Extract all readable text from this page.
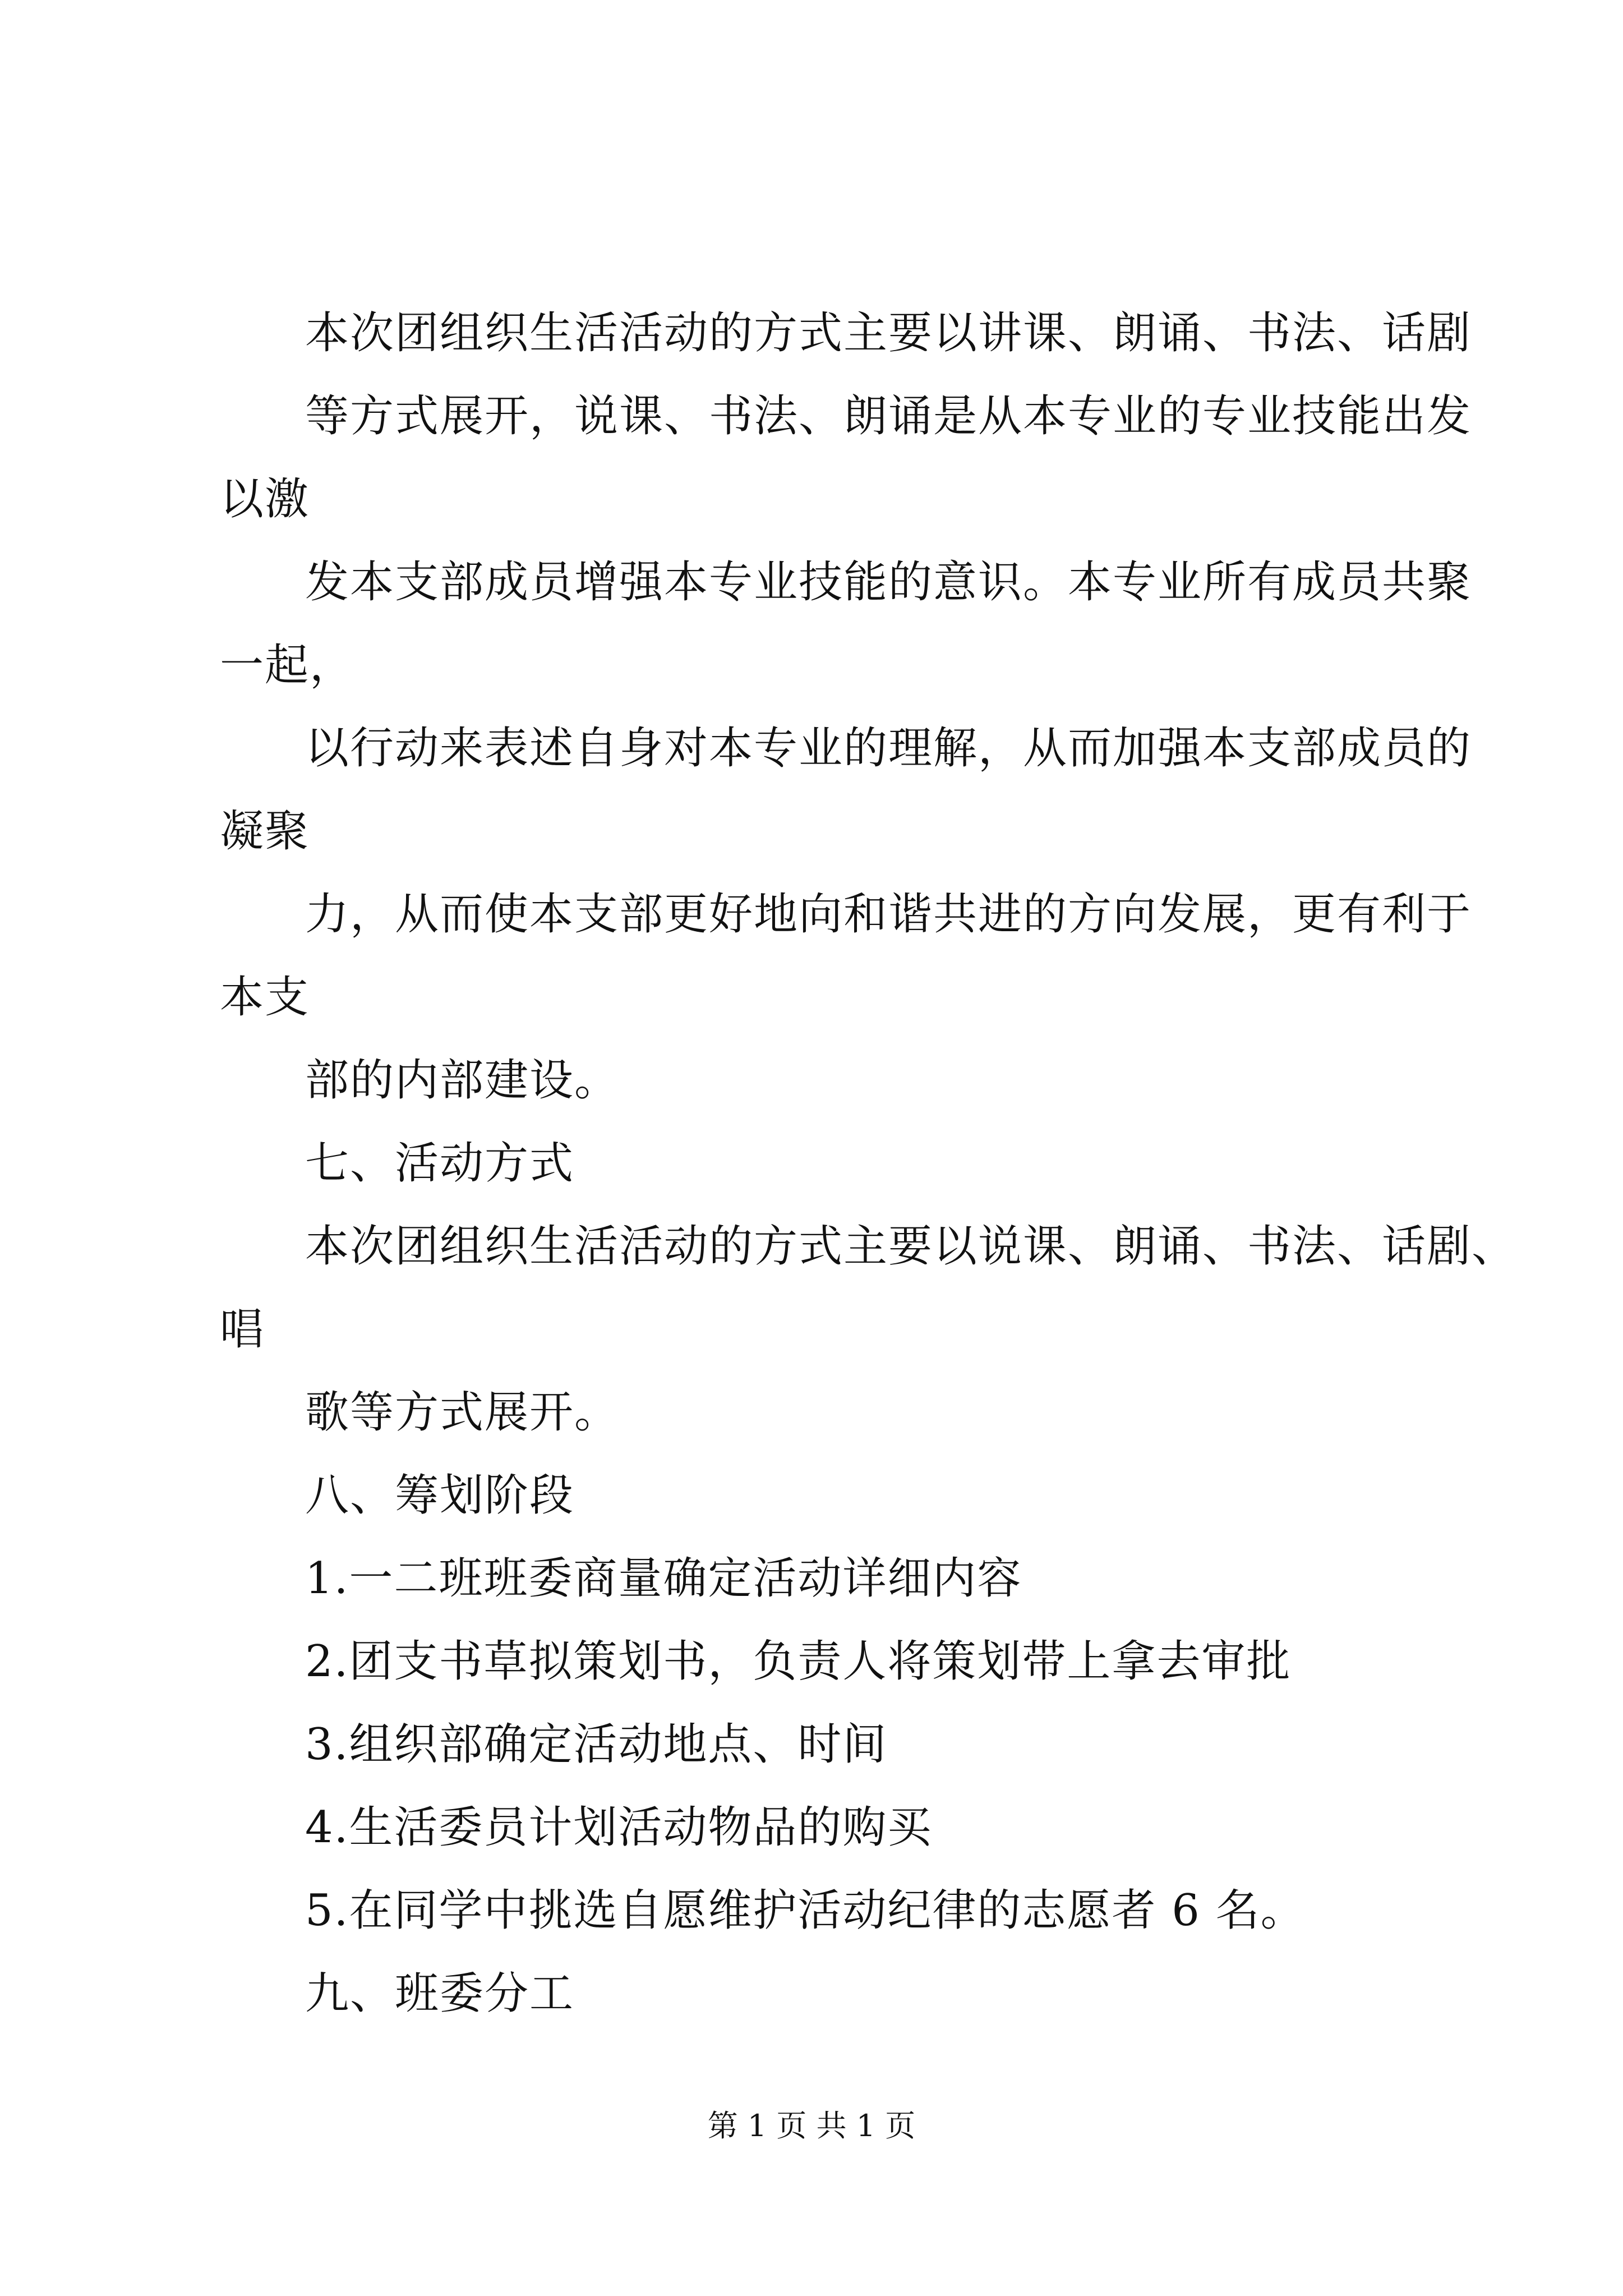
本次团组织生活活动的方式主要以讲课、朗诵、书法、话剧
等方式展开，说课、书法、朗诵是从本专业的专业技能出发
以激
发本支部成员增强本专业技能的意识。本专业所有成员共聚
一起，
以行动来表述自身对本专业的理解，从而加强本支部成员的
凝聚
力，从而使本支部更好地向和谐共进的方向发展，更有利于
本支
部的内部建设。
七、活动方式
本次团组织生活活动的方式主要以说课、朗诵、书法、话剧、
唱
歌等方式展开。
八、筹划阶段
1.一二班班委商量确定活动详细内容
2.团支书草拟策划书，负责人将策划带上拿去审批
3.组织部确定活动地点、时间
4.生活委员计划活动物品的购买
5.在同学中挑选自愿维护活动纪律的志愿者 6 名。
九、班委分工
第 1 页 共 1 页
